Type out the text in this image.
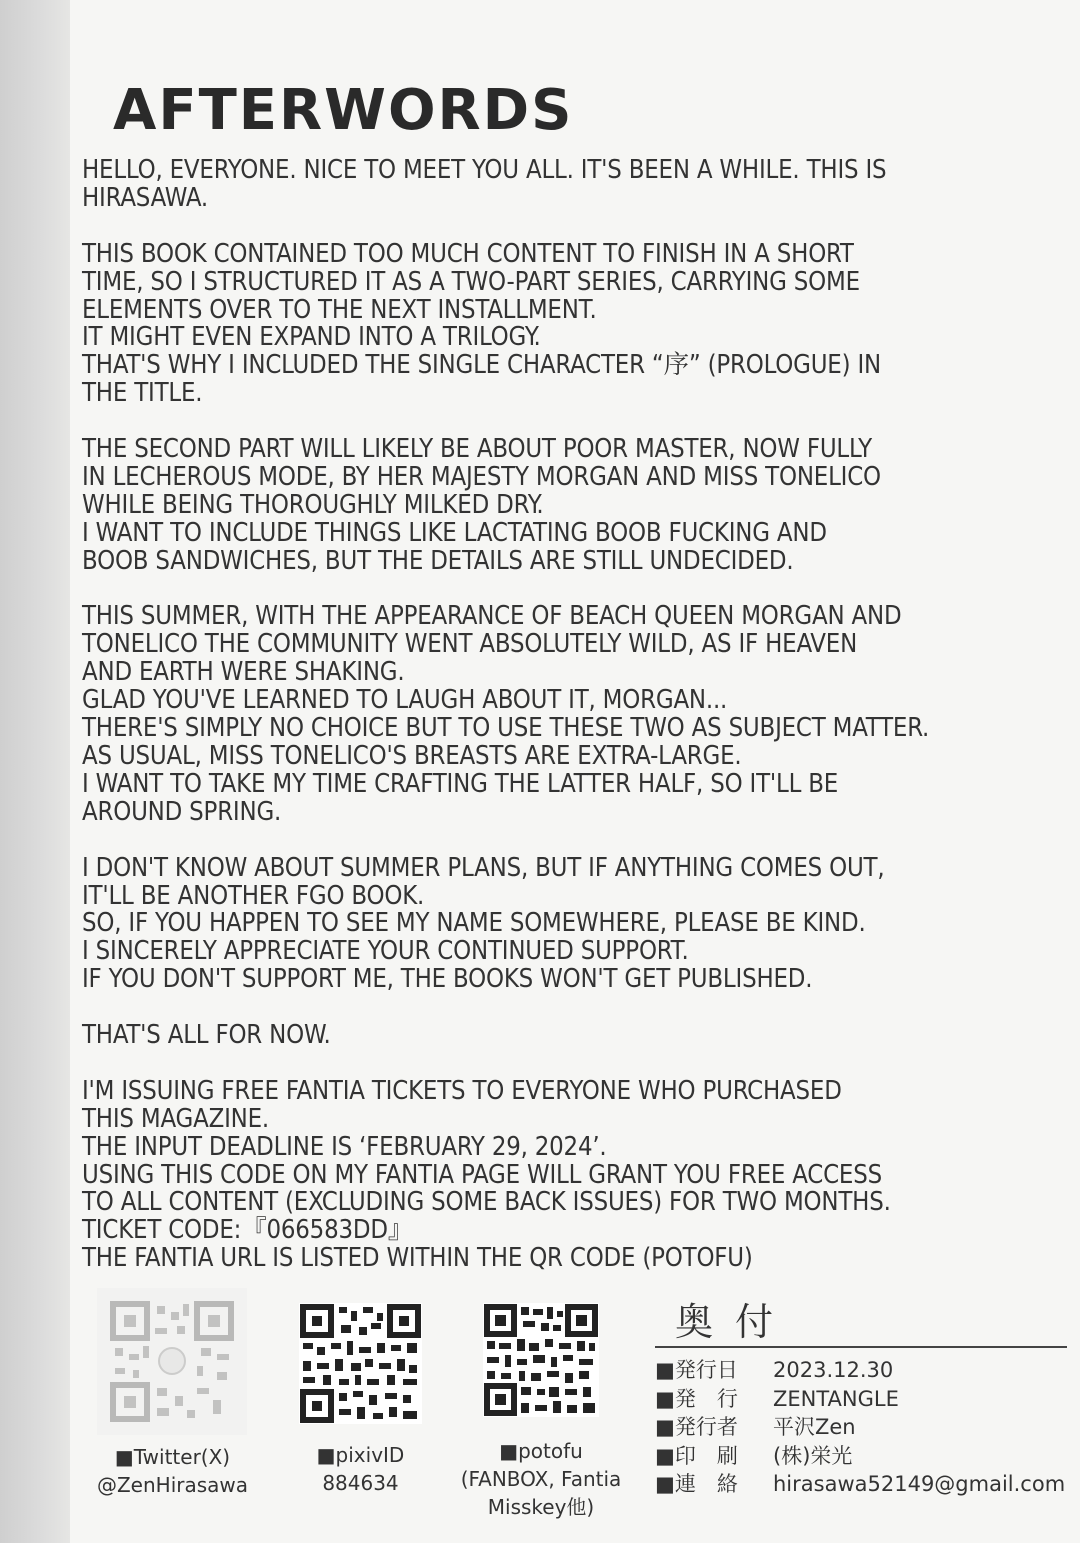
AFTERWORDS

HELLO, EVERYONE. NICE TO MEET YOU ALL. IT'S BEEN A WHILE. THIS IS
HIRASAWA.

THIS BOOK CONTAINED TOO MUCH CONTENT TO FINISH IN A SHORT
TIME, SO I STRUCTURED IT AS A TWO-PART SERIES, CARRYING SOME
ELEMENTS OVER TO THE NEXT INSTALLMENT.
IT MIGHT EVEN EXPAND INTO A TRILOGY.
THAT'S WHY I INCLUDED THE SINGLE CHARACTER “序” (PROLOGUE) IN
THE TITLE.

THE SECOND PART WILL LIKELY BE ABOUT POOR MASTER, NOW FULLY
IN LECHEROUS MODE, BY HER MAJESTY MORGAN AND MISS TONELICO
WHILE BEING THOROUGHLY MILKED DRY.
I WANT TO INCLUDE THINGS LIKE LACTATING BOOB FUCKING AND
BOOB SANDWICHES, BUT THE DETAILS ARE STILL UNDECIDED.

THIS SUMMER, WITH THE APPEARANCE OF BEACH QUEEN MORGAN AND
TONELICO THE COMMUNITY WENT ABSOLUTELY WILD, AS IF HEAVEN
AND EARTH WERE SHAKING.
GLAD YOU'VE LEARNED TO LAUGH ABOUT IT, MORGAN...
THERE'S SIMPLY NO CHOICE BUT TO USE THESE TWO AS SUBJECT MATTER.
AS USUAL, MISS TONELICO'S BREASTS ARE EXTRA-LARGE.
I WANT TO TAKE MY TIME CRAFTING THE LATTER HALF, SO IT'LL BE
AROUND SPRING.

I DON'T KNOW ABOUT SUMMER PLANS, BUT IF ANYTHING COMES OUT,
IT'LL BE ANOTHER FGO BOOK.
SO, IF YOU HAPPEN TO SEE MY NAME SOMEWHERE, PLEASE BE KIND.
I SINCERELY APPRECIATE YOUR CONTINUED SUPPORT.
IF YOU DON'T SUPPORT ME, THE BOOKS WON'T GET PUBLISHED.

THAT'S ALL FOR NOW.

I'M ISSUING FREE FANTIA TICKETS TO EVERYONE WHO PURCHASED
THIS MAGAZINE.
THE INPUT DEADLINE IS ‘FEBRUARY 29, 2024’.
USING THIS CODE ON MY FANTIA PAGE WILL GRANT YOU FREE ACCESS
TO ALL CONTENT (EXCLUDING SOME BACK ISSUES) FOR TWO MONTHS.
TICKET CODE:『066583DD』
THE FANTIA URL IS LISTED WITHIN THE QR CODE (POTOFU)

■Twitter(X)
@ZenHirasawa
■pixivID
884634
■potofu
(FANBOX, Fantia
Misskey他)
奥付
■発行日	2023.12.30
■発　行	ZENTANGLE
■発行者	平沢Zen
■印　刷	(株)栄光
■連　絡	hirasawa52149@gmail.com
